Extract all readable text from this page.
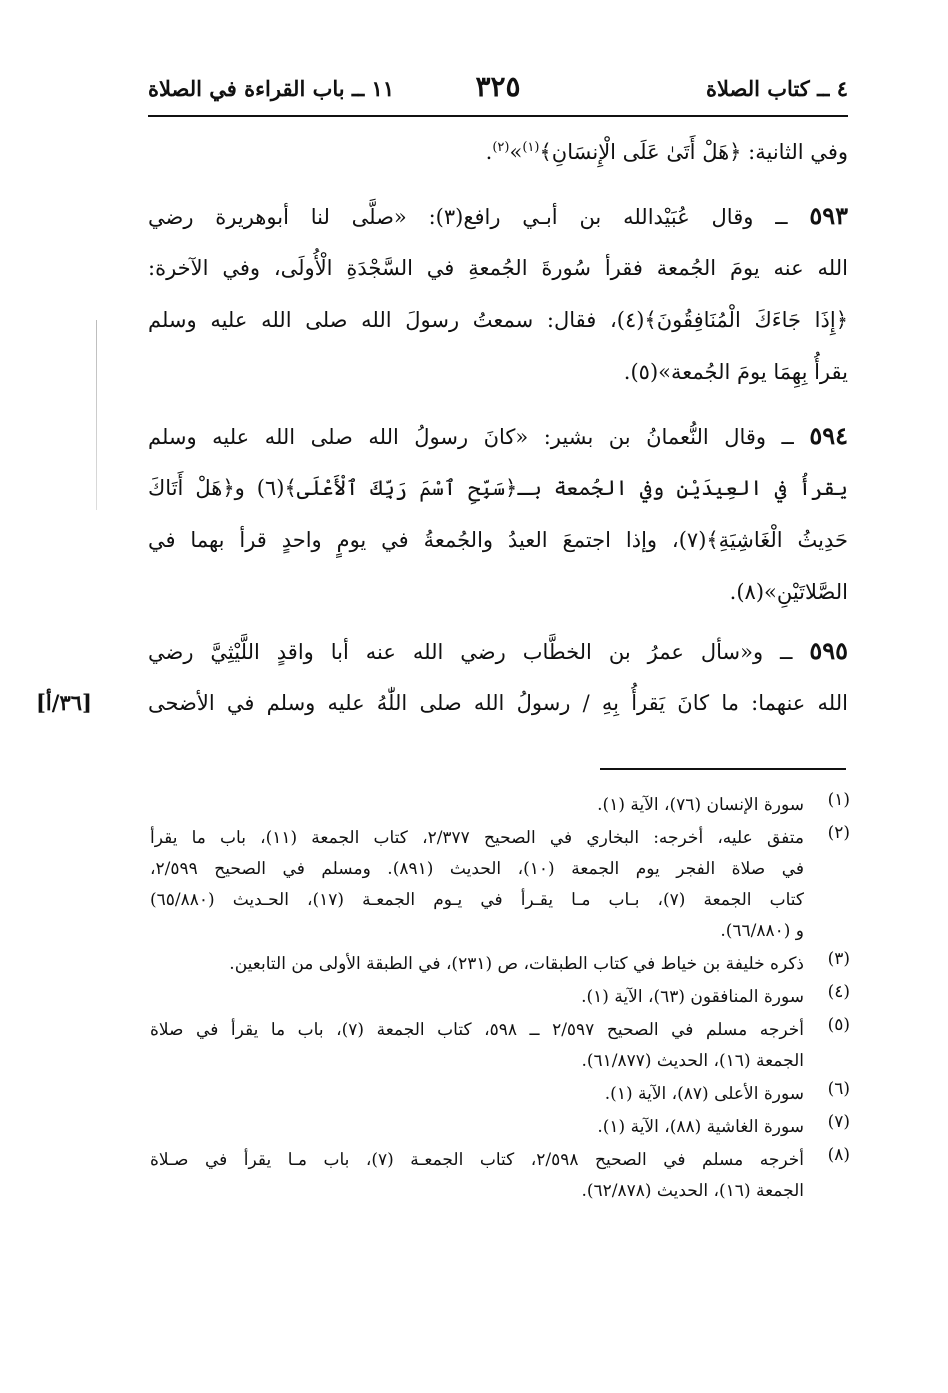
٤ ــ كتاب الصلاة
٣٢٥
١١ ــ باب القراءة في الصلاة
وفي الثانية: ﴿هَلْ أَتَىٰ عَلَى الْإِنسَانِ﴾$^{(١)}$»$^{(٢)}$.
٥٩٣ ــ وقال عُبَيْدالله بن أبـي رافع(٣): «صلَّى لنا أبوهريرة رضي
الله عنه يومَ الجُمعة فقرأ سُورةَ الجُمعةِ في السَّجْدَةِ الْأُولَى، وفي الآخرة:
﴿إِذَا جَاءَكَ الْمُنَافِقُونَ﴾(٤)، فقال: سمعتُ رسولَ الله صلى الله عليه وسلم
يقرأُ بِهِمَا يومَ الجُمعة»(٥).
٥٩٤ ــ وقال النُّعمانُ بن بشير: «كانَ رسولُ الله صلى الله عليه وسلم
يقرأُ في العِيدَيْنِ وفي الجُمعة بـ﴿سَبِّحِ ٱسْمَ رَبِّكَ ٱلْأَعْلَى﴾(٦) و﴿هَلْ أَتَاكَ
حَدِيثُ الْغَاشِيَةِ﴾(٧)، وإذا اجتمعَ العيدُ والجُمعةُ في يومٍ واحدٍ قرأ بهما في
الصَّلاتَيْنِ»(٨).
٥٩٥ ــ و«سأل عمرُ بن الخطَّاب رضي الله عنه أبا واقدٍ اللَّيْثِيَّ رضي
الله عنهما: ما كانَ يَقرأُ بِهِ / رسولُ الله صلى اللّٰهُ عليه وسلم في الأضحى
[٣٦/أ]
(١)
سورة الإنسان (٧٦)، الآية (١).
(٢)
متفق عليه، أخرجه: البخاري في الصحيح ٢/٣٧٧، كتاب الجمعة (١١)، باب ما يقرأ
في صلاة الفجر يوم الجمعة (١٠)، الحديث (٨٩١). ومسلم في الصحيح ٢/٥٩٩،
كتاب الجمعة (٧)، بـاب مـا يقـرأ في يـوم الجمعـة (١٧)، الحـديث (٦٥/٨٨٠)
و (٦٦/٨٨٠).
(٣)
ذكره خليفة بن خياط في كتاب الطبقات، ص (٢٣١)، في الطبقة الأولى من التابعين.
(٤)
سورة المنافقون (٦٣)، الآية (١).
(٥)
أخرجه مسلم في الصحيح ٢/٥٩٧ ــ ٥٩٨، كتاب الجمعة (٧)، باب ما يقرأ في صلاة
الجمعة (١٦)، الحديث (٦١/٨٧٧).
(٦)
سورة الأعلى (٨٧)، الآية (١).
(٧)
سورة الغاشية (٨٨)، الآية (١).
(٨)
أخرجه مسلم في الصحيح ٢/٥٩٨، كتاب الجمعـة (٧)، باب مـا يقرأ في صـلاة
الجمعة (١٦)، الحديث (٦٢/٨٧٨).
